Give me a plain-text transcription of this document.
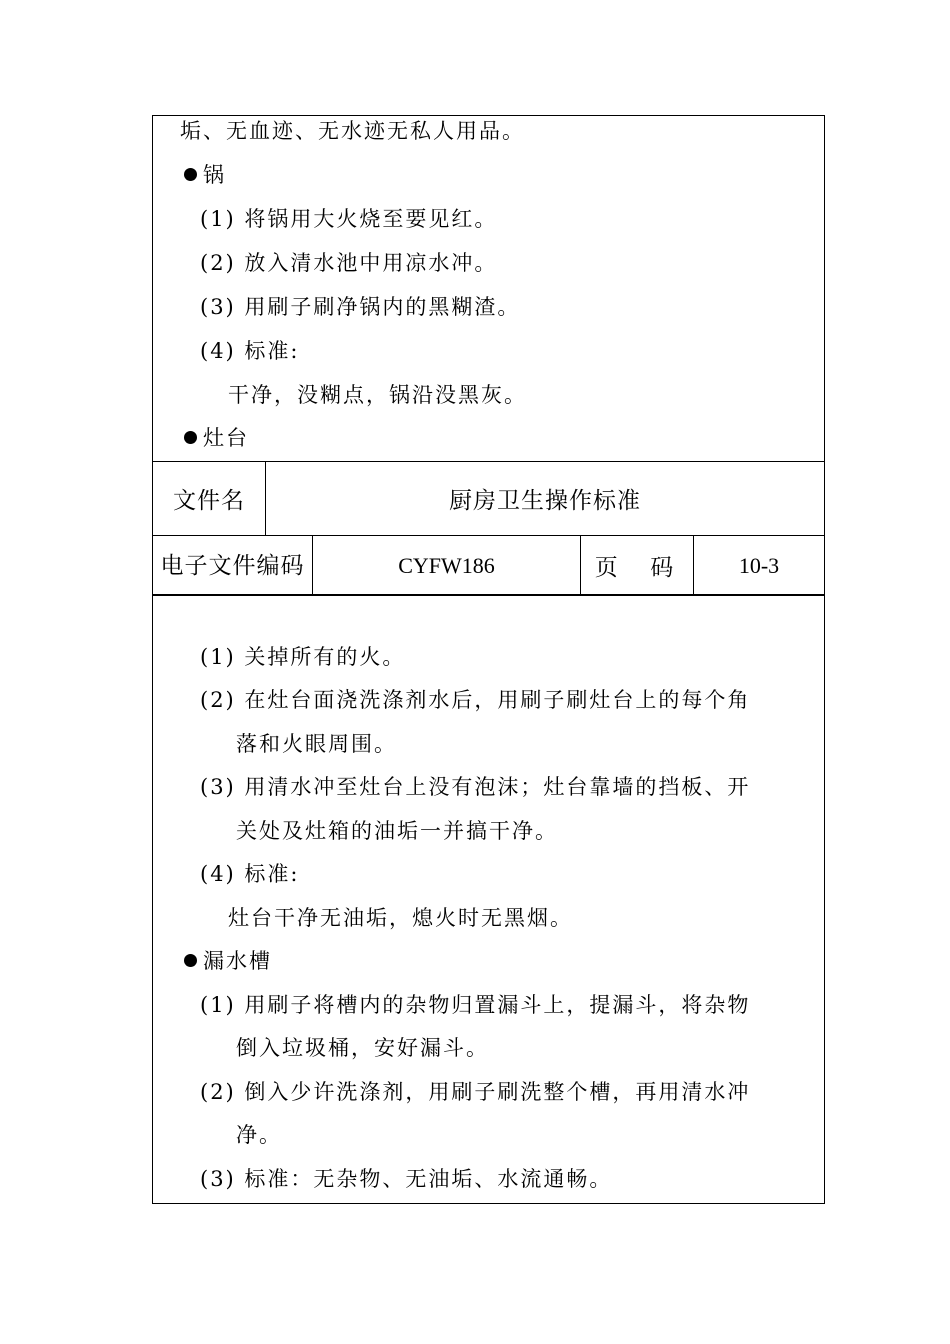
垢、无血迹、无水迹无私人用品。
锅
(1) 将锅用大火烧至要见红。
(2) 放入清水池中用凉水冲。
(3) 用刷子刷净锅内的黑糊渣。
(4) 标准:
干净，没糊点，锅沿没黑灰。
灶台
文件名	厨房卫生操作标准
电子文件编码	CYFW186	页  码	10-3
(1) 关掉所有的火。
(2) 在灶台面浇洗涤剂水后，用刷子刷灶台上的每个角
落和火眼周围。
(3) 用清水冲至灶台上没有泡沫；灶台靠墙的挡板、开
关处及灶箱的油垢一并搞干净。
(4) 标准:
灶台干净无油垢，熄火时无黑烟。
漏水槽
(1) 用刷子将槽内的杂物归置漏斗上，提漏斗，将杂物
倒入垃圾桶，安好漏斗。
(2) 倒入少许洗涤剂，用刷子刷洗整个槽，再用清水冲
净。
(3) 标准：无杂物、无油垢、水流通畅。
